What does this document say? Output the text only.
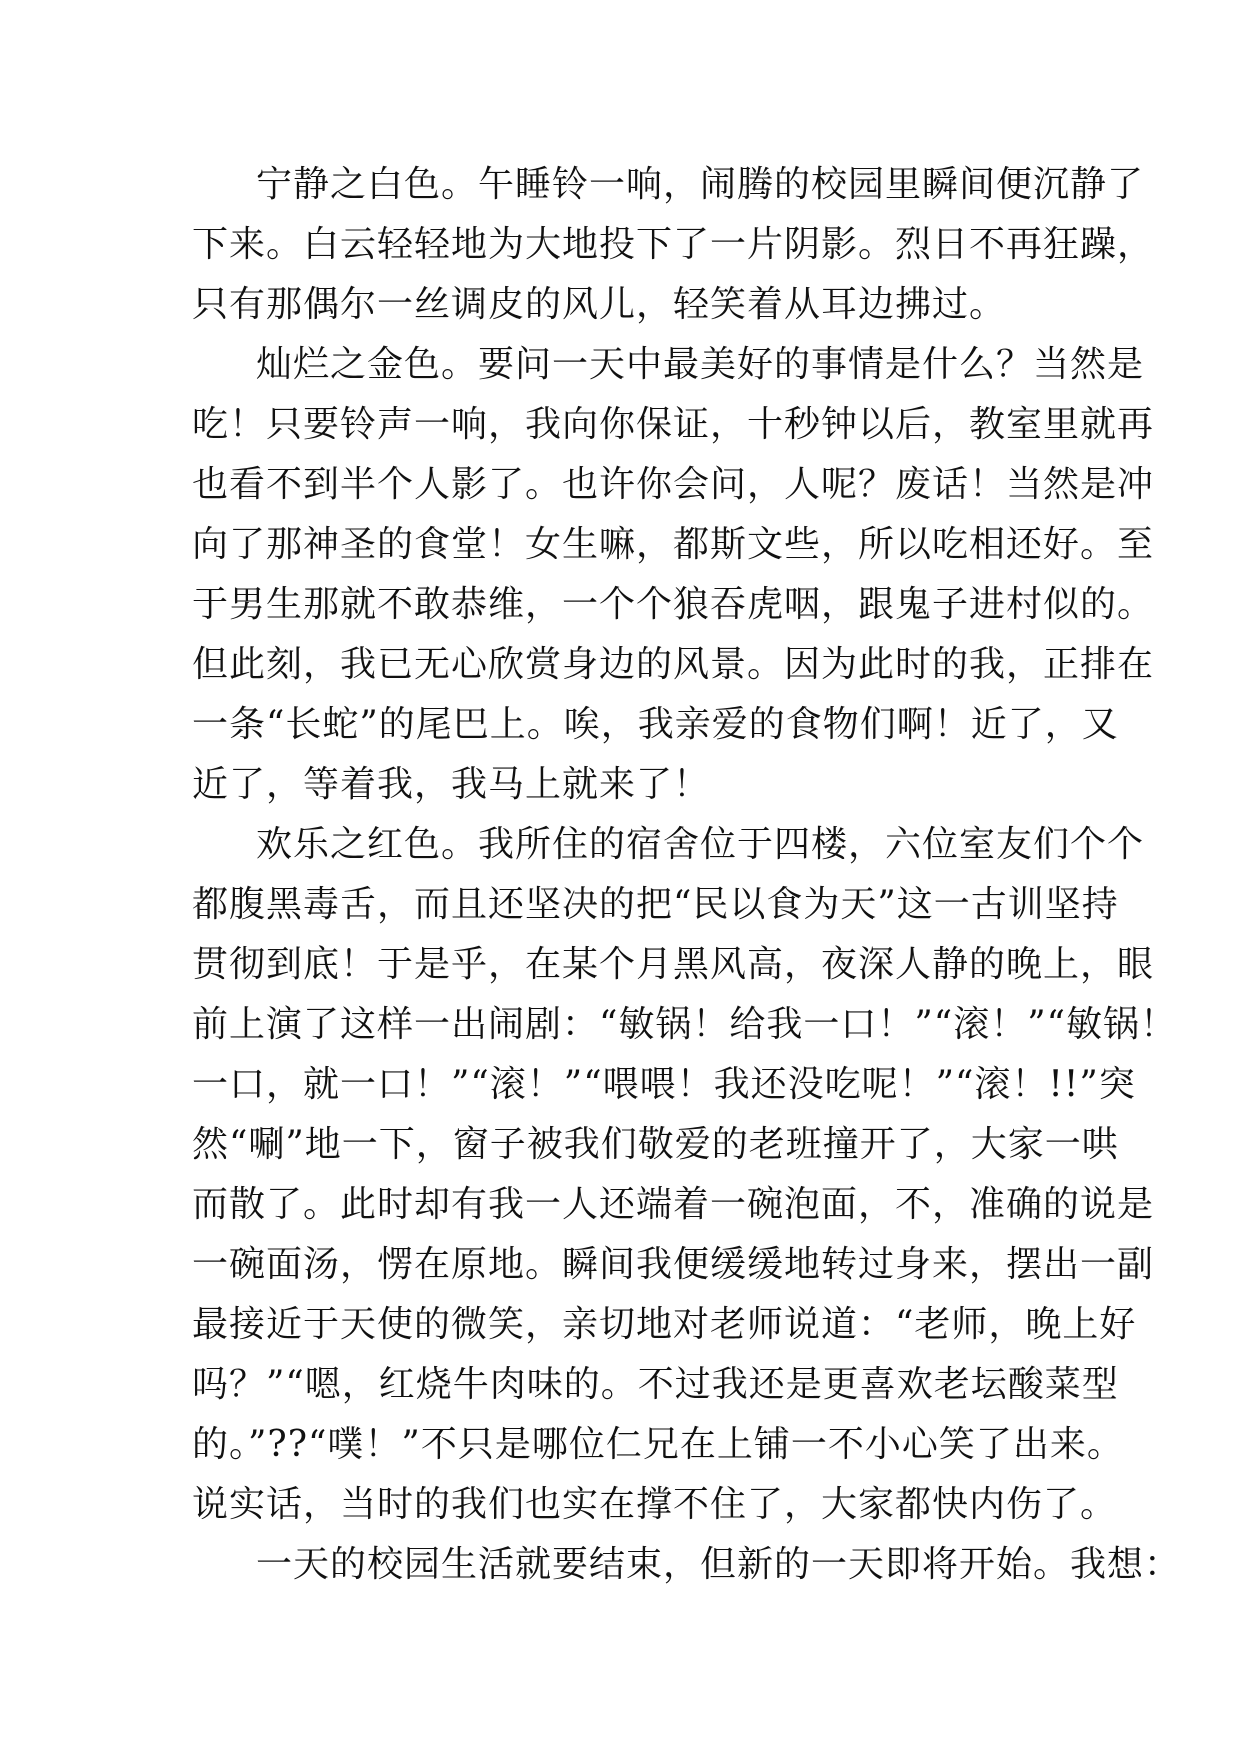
宁静之白色。午睡铃一响，闹腾的校园里瞬间便沉静了
下来。白云轻轻地为大地投下了一片阴影。烈日不再狂躁，
只有那偶尔一丝调皮的风儿，轻笑着从耳边拂过。
灿烂之金色。要问一天中最美好的事情是什么？当然是
吃！只要铃声一响，我向你保证，十秒钟以后，教室里就再
也看不到半个人影了。也许你会问，人呢？废话！当然是冲
向了那神圣的食堂！女生嘛，都斯文些，所以吃相还好。至
于男生那就不敢恭维，一个个狼吞虎咽，跟鬼子进村似的。
但此刻，我已无心欣赏身边的风景。因为此时的我，正排在
一条“长蛇”的尾巴上。唉，我亲爱的食物们啊！近了，又
近了，等着我，我马上就来了！
欢乐之红色。我所住的宿舍位于四楼，六位室友们个个
都腹黑毒舌，而且还坚决的把“民以食为天”这一古训坚持
贯彻到底！于是乎，在某个月黑风高，夜深人静的晚上，眼
前上演了这样一出闹剧：“敏锅！给我一口！”“滚！”“敏锅！
一口，就一口！”“滚！”“喂喂！我还没吃呢！”“滚！!!”突
然“唰”地一下，窗子被我们敬爱的老班撞开了，大家一哄
而散了。此时却有我一人还端着一碗泡面，不，准确的说是
一碗面汤，愣在原地。瞬间我便缓缓地转过身来，摆出一副
最接近于天使的微笑，亲切地对老师说道：“老师，晚上好
吗？”“嗯，红烧牛肉味的。不过我还是更喜欢老坛酸菜型
的。”??“噗！”不只是哪位仁兄在上铺一不小心笑了出来。
说实话，当时的我们也实在撑不住了，大家都快内伤了。
一天的校园生活就要结束，但新的一天即将开始。我想：
